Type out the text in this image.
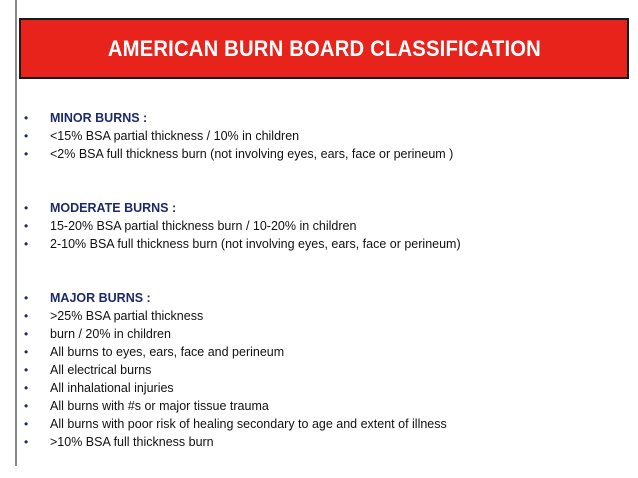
AMERICAN BURN BOARD CLASSIFICATION
•	MINOR BURNS :
•	<15% BSA partial thickness / 10% in children
•	<2% BSA full thickness burn (not involving eyes, ears, face or perineum )
•	MODERATE BURNS :
•	15-20% BSA partial thickness burn / 10-20% in children
•	2-10% BSA full thickness burn (not involving eyes, ears, face or perineum)
•	MAJOR BURNS :
•	>25% BSA partial thickness
•	burn / 20% in children
•	All burns to eyes, ears, face and perineum
•	All electrical burns
•	All inhalational injuries
•	All burns with #s or major tissue trauma
•	All burns with poor risk of healing secondary to age and extent of illness
•	>10% BSA full thickness burn
